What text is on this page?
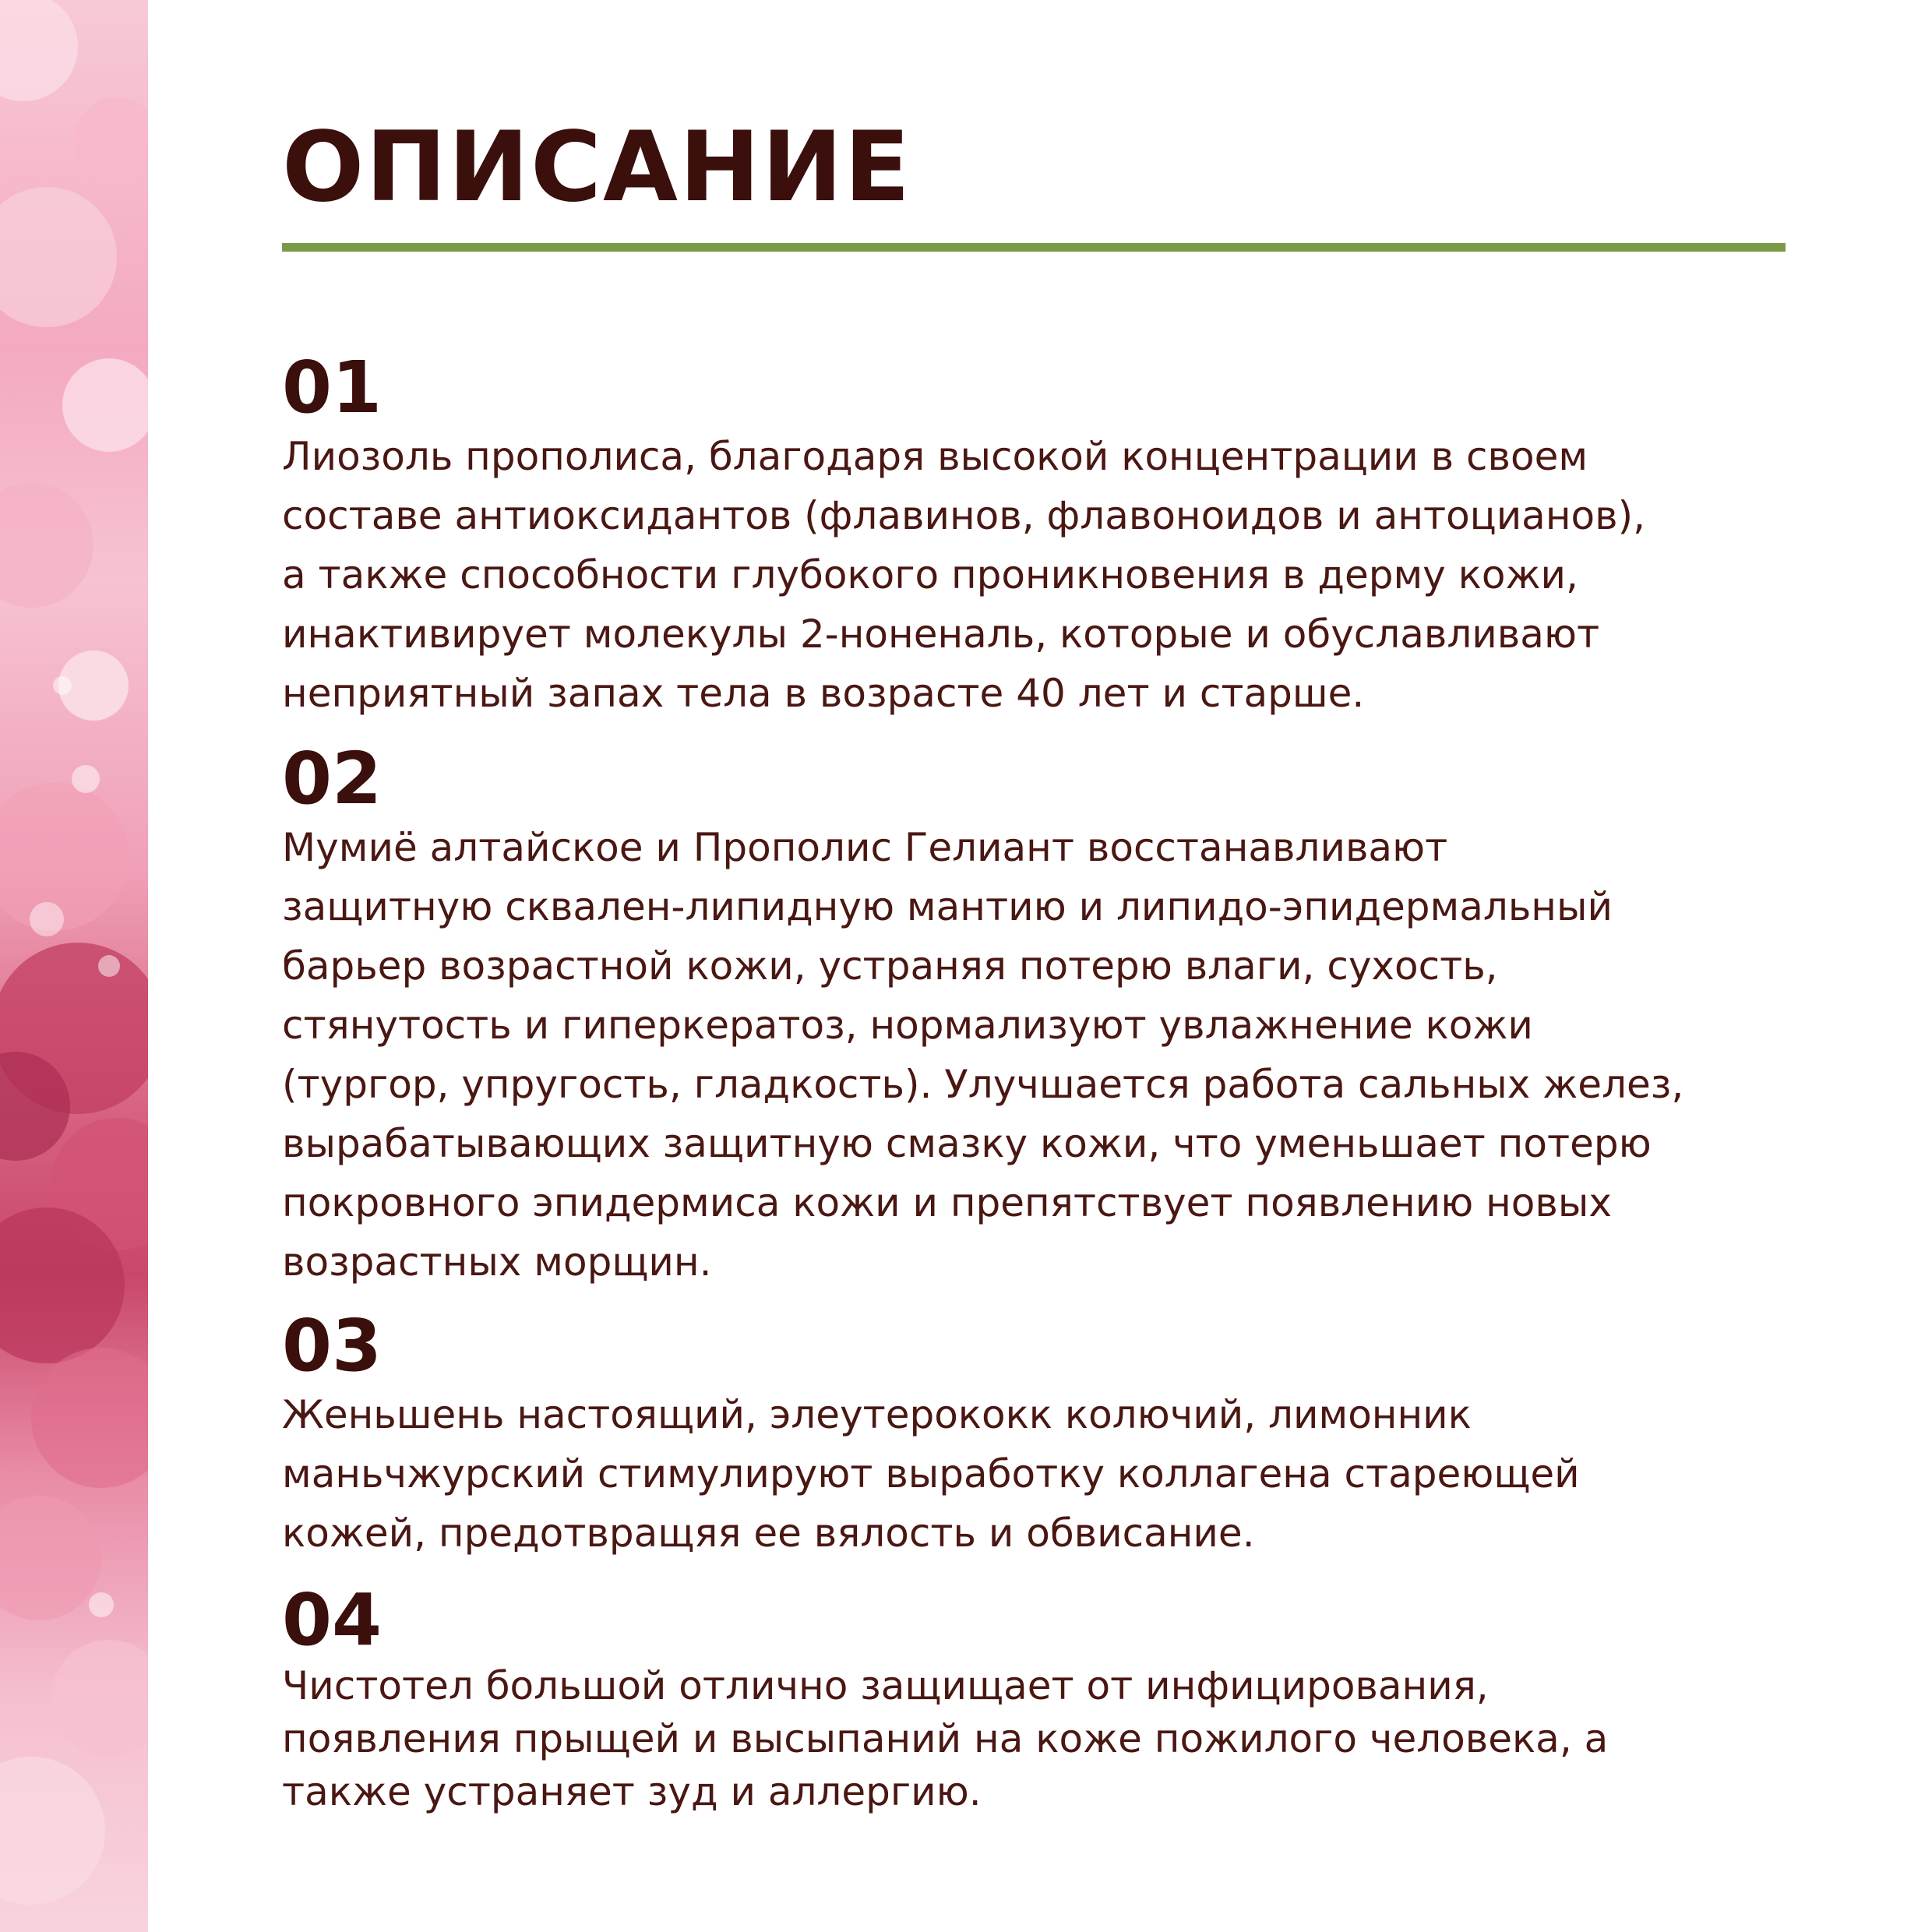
ОПИСАНИЕ

01

Лиозоль прополиса, благодаря высокой концентрации в своем
составе антиоксидантов (флавинов, флавоноидов и антоцианов),
а также способности глубокого проникновения в дерму кожи,
инактивирует молекулы 2-ноненаль, которые и обуславливают
неприятный запах тела в возрасте 40 лет и старше.

02

Мумиё алтайское и Прополис Гелиант восстанавливают
защитную сквален-липидную мантию и липидо-эпидермальный
барьер возрастной кожи, устраняя потерю влаги, сухость,
стянутость и гиперкератоз, нормализуют увлажнение кожи
(тургор, упругость, гладкость). Улучшается работа сальных желез,
вырабатывающих защитную смазку кожи, что уменьшает потерю
покровного эпидермиса кожи и препятствует появлению новых
возрастных морщин.

03

Женьшень настоящий, элеутерококк колючий, лимонник
маньчжурский стимулируют выработку коллагена стареющей
кожей, предотвращяя ее вялость и обвисание.

04

Чистотел большой отлично защищает от инфицирования,
появления прыщей и высыпаний на коже пожилого человека, а
также устраняет зуд и аллергию.
